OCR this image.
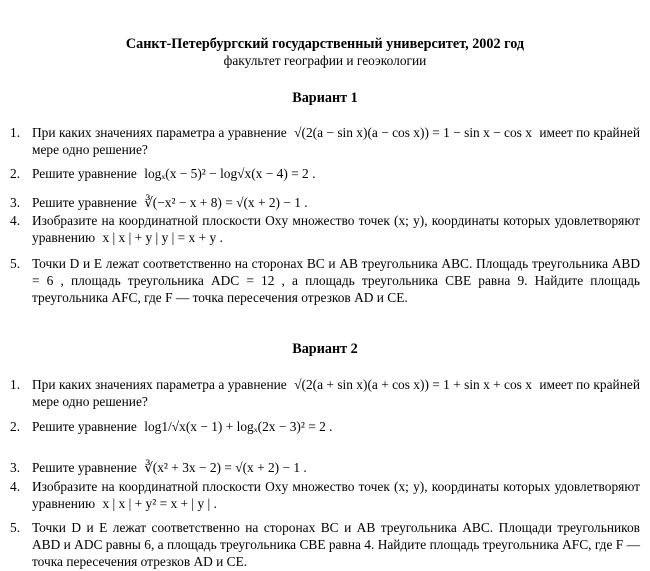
Санкт-Петербургский государственный университет, 2002 год
факультет географии и геоэкологии
Вариант 1
1. При каких значениях параметра a уравнение √(2(a − sin x)(a − cos x)) = 1 − sin x − cos x имеет по крайней мере одно решение?
2. Решите уравнение logₓ(x − 5)² − log√x(x − 4) = 2 .
3. Решите уравнение ∛(−x² − x + 8) = √(x + 2) − 1 .
4. Изобразите на координатной плоскости Oxy множество точек (x; y), координаты которых удовлетворяют уравнению x | x | + y | y | = x + y .
5. Точки D и E лежат соответственно на сторонах BC и AB треугольника ABC. Площадь треугольника ABD = 6 , площадь треугольника ADC = 12 , а площадь треугольника CBE равна 9. Найдите площадь треугольника AFC, где F — точка пересечения отрезков AD и CE.
Вариант 2
1. При каких значениях параметра a уравнение √(2(a + sin x)(a + cos x)) = 1 + sin x + cos x имеет по крайней мере одно решение?
2. Решите уравнение log1/√x(x − 1) + logₓ(2x − 3)² = 2 .
3. Решите уравнение ∛(x² + 3x − 2) = √(x + 2) − 1 .
4. Изобразите на координатной плоскости Oxy множество точек (x; y), координаты которых удовлетворяют уравнению x | x | + y² = x + | y | .
5. Точки D и E лежат соответственно на сторонах BC и AB треугольника ABC. Площади треугольников ABD и ADC равны 6, а площадь треугольника CBE равна 4. Найдите площадь треугольника AFC, где F — точка пересечения отрезков AD и CE.
